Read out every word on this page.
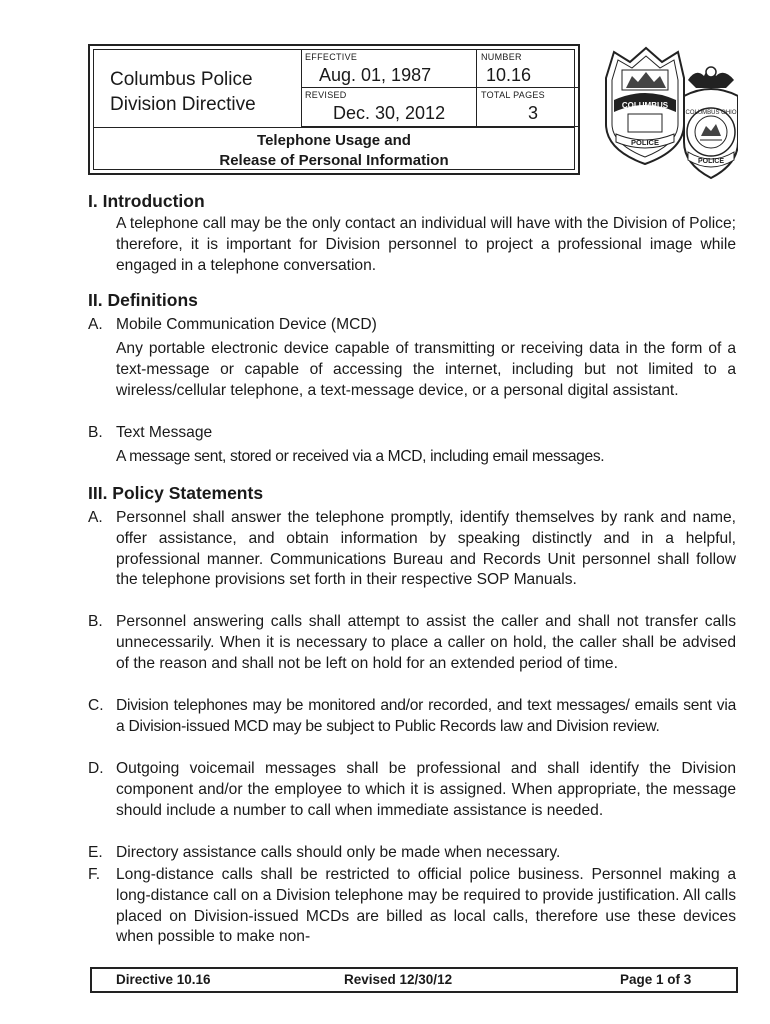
Columbus Police
Division Directive
EFFECTIVE
Aug. 01, 1987
NUMBER
10.16
REVISED
Dec. 30, 2012
TOTAL PAGES
3
Telephone Usage and
Release of Personal Information
COLUMBUS
POLICE
COLUMBUS OHIO
POLICE
I. Introduction
A telephone call may be the only contact an individual will have with the Division of Police; therefore, it is important for Division personnel to project a professional image while engaged in a telephone conversation.
II. Definitions
A. Mobile Communication Device (MCD)
Any portable electronic device capable of transmitting or receiving data in the form of a text-message or capable of accessing the internet, including but not limited to a wireless/cellular telephone, a text-message device, or a personal digital assistant.
B. Text Message
A message sent, stored or received via a MCD, including email messages.
III. Policy Statements
A. Personnel shall answer the telephone promptly, identify themselves by rank and name, offer assistance, and obtain information by speaking distinctly and in a helpful, professional manner. Communications Bureau and Records Unit personnel shall follow the telephone provisions set forth in their respective SOP Manuals.
B. Personnel answering calls shall attempt to assist the caller and shall not transfer calls unnecessarily. When it is necessary to place a caller on hold, the caller shall be advised of the reason and shall not be left on hold for an extended period of time.
C. Division telephones may be monitored and/or recorded, and text messages/ emails sent via a Division-issued MCD may be subject to Public Records law and Division review.
D. Outgoing voicemail messages shall be professional and shall identify the Division component and/or the employee to which it is assigned. When appropriate, the message should include a number to call when immediate assistance is needed.
E. Directory assistance calls should only be made when necessary.
F. Long-distance calls shall be restricted to official police business. Personnel making a long-distance call on a Division telephone may be required to provide justification. All calls placed on Division-issued MCDs are billed as local calls, therefore use these devices when possible to make non-
Directive 10.16	Revised 12/30/12	Page 1 of 3
